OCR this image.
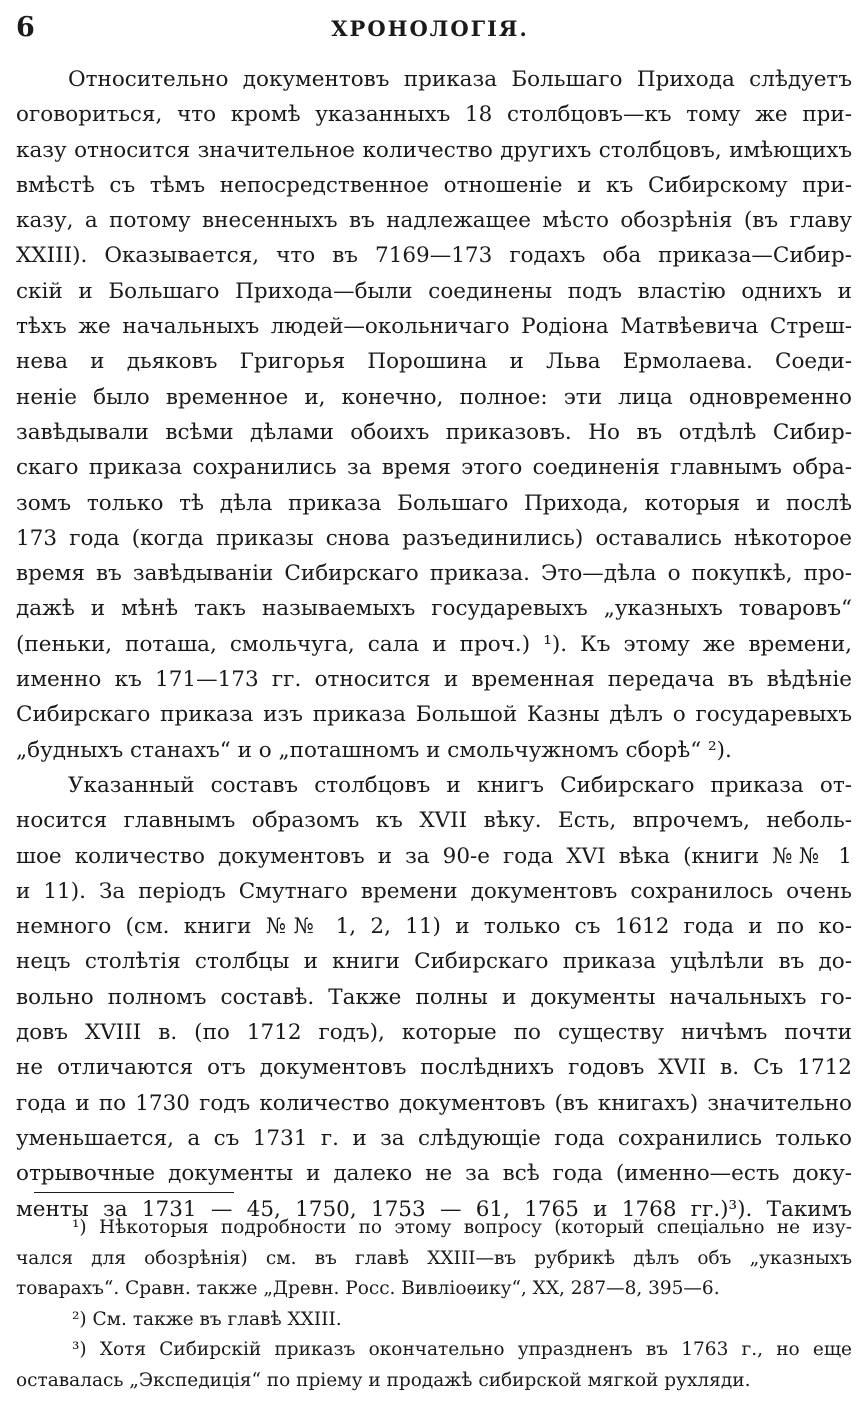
6	ХРОНОЛОГІЯ.
Относительно документовъ приказа Большаго Прихода слѣдуетъ
оговориться, что кромѣ указанныхъ 18 столбцовъ—къ тому же при-
казу относится значительное количество другихъ столбцовъ, имѣющихъ
вмѣстѣ съ тѣмъ непосредственное отношеніе и къ Сибирскому при-
казу, а потому внесенныхъ въ надлежащее мѣсто обозрѣнія (въ главу
XXIII). Оказывается, что въ 7169—173 годахъ оба приказа—Сибир-
скій и Большаго Прихода—были соединены подъ властію однихъ и
тѣхъ же начальныхъ людей—окольничаго Родіона Матвѣевича Стреш-
нева и дьяковъ Григорья Порошина и Льва Ермолаева. Соеди-
неніе было временное и, конечно, полное: эти лица одновременно
завѣдывали всѣми дѣлами обоихъ приказовъ. Но въ отдѣлѣ Сибир-
скаго приказа сохранились за время этого соединенія главнымъ обра-
зомъ только тѣ дѣла приказа Большаго Прихода, которыя и послѣ
173 года (когда приказы снова разъединились) оставались нѣкоторое
время въ завѣдываніи Сибирскаго приказа. Это—дѣла о покупкѣ, про-
дажѣ и мѣнѣ такъ называемыхъ государевыхъ „указныхъ товаровъ“
(пеньки, поташа, смольчуга, сала и проч.) ¹). Къ этому же времени,
именно къ 171—173 гг. относится и временная передача въ вѣдѣніе
Сибирскаго приказа изъ приказа Большой Казны дѣлъ о государевыхъ
„будныхъ станахъ“ и о „поташномъ и смольчужномъ сборѣ“ ²).
Указанный составъ столбцовъ и книгъ Сибирскаго приказа от-
носится главнымъ образомъ къ XVII вѣку. Есть, впрочемъ, неболь-
шое количество документовъ и за 90-е года XVI вѣка (книги №№ 1
и 11). За періодъ Смутнаго времени документовъ сохранилось очень
немного (см. книги №№ 1, 2, 11) и только съ 1612 года и по ко-
нецъ столѣтія столбцы и книги Сибирскаго приказа уцѣлѣли въ до-
вольно полномъ составѣ. Также полны и документы начальныхъ го-
довъ XVIII в. (по 1712 годъ), которые по существу ничѣмъ почти
не отличаются отъ документовъ послѣднихъ годовъ XVII в. Съ 1712
года и по 1730 годъ количество документовъ (въ книгахъ) значительно
уменьшается, а съ 1731 г. и за слѣдующіе года сохранились только
отрывочные документы и далеко не за всѣ года (именно—есть доку-
менты за 1731 — 45, 1750, 1753 — 61, 1765 и 1768 гг.)³). Такимъ
¹) Нѣкоторыя подробности по этому вопросу (который спеціально не изу-
чался для обозрѣнія) см. въ главѣ XXIII—въ рубрикѣ дѣлъ объ „указныхъ
товарахъ“. Сравн. также „Древн. Росс. Вивліоѳику“, XX, 287—8, 395—6.
²) См. также въ главѣ XXIII.
³) Хотя Сибирскій приказъ окончательно упраздненъ въ 1763 г., но еще
оставалась „Экспедиція“ по пріему и продажѣ сибирской мягкой рухляди.
